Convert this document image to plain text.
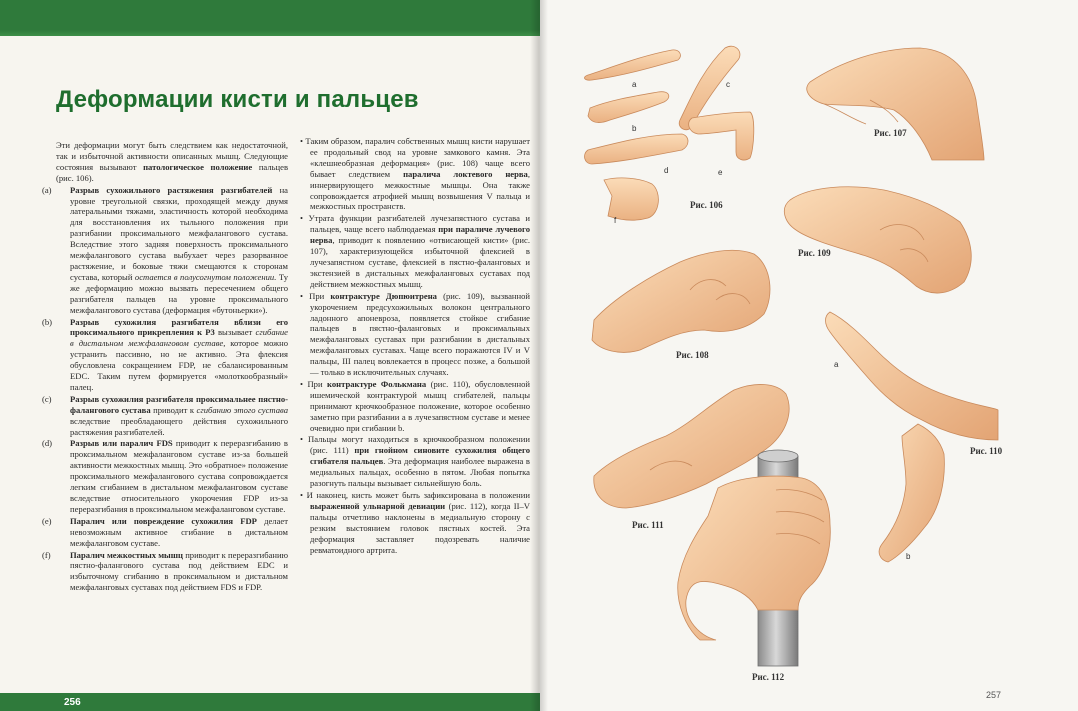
Деформации кисти и пальцев

Эти деформации могут быть следствием как недостаточной, так и избыточной активности описанных мышц. Следующие состояния вызывают патологическое положение пальцев (рис. 106).

(a) Разрыв сухожильного растяжения разгибателей на уровне треугольной связки, проходящей между двумя латеральными тяжами, эластичность которой необходима для восстановления их тыльного положения при разгибании проксимального межфалангового сустава. Вследствие этого задняя поверхность проксимального межфалангового сустава выбухает через разорванное растяжение, и боковые тяжи смещаются к сторонам сустава, который остается в полусогнутом положении. Ту же деформацию можно вызвать пересечением общего разгибателя пальцев на уровне проксимального межфалангового сустава (деформация «бутоньерки»).

(b) Разрыв сухожилия разгибателя вблизи его проксимального прикрепления к P3 вызывает сгибание в дистальном межфаланговом суставе, которое можно устранить пассивно, но не активно. Эта флексия обусловлена сокращением FDP, не сбалансированным EDC. Таким путем формируется «молоткообразный» палец.

(c) Разрыв сухожилия разгибателя проксимальнее пястно-фалангового сустава приводит к сгибанию этого сустава вследствие преобладающего действия сухожильного растяжения разгибателей.

(d) Разрыв или паралич FDS приводит к переразгибанию в проксимальном межфаланговом суставе из-за большей активности межкостных мышц. Это «обратное» положение проксимального межфалангового сустава сопровождается легким сгибанием в дистальном межфаланговом суставе вследствие относительного укорочения FDP из-за переразгибания в проксимальном межфаланговом суставе.

(e) Паралич или повреждение сухожилия FDP делает невозможным активное сгибание в дистальном межфаланговом суставе.

(f) Паралич межкостных мышц приводит к переразгибанию пястно-фалангового сустава под действием EDC и избыточному сгибанию в проксимальном и дистальном межфаланговых суставах под действием FDS и FDP.

• Таким образом, паралич собственных мышц кисти нарушает ее продольный свод на уровне замкового камня. Эта «клешнеобразная деформация» (рис. 108) чаще всего бывает следствием паралича локтевого нерва, иннервирующего межкостные мышцы. Она также сопровождается атрофией мышц возвышения V пальца и межкостных пространств.

• Утрата функции разгибателей лучезапястного сустава и пальцев, чаще всего наблюдаемая при параличе лучевого нерва, приводит к появлению «отвисающей кисти» (рис. 107), характеризующейся избыточной флексией в лучезапястном суставе, флексией в пястно-фаланговых и экстензией в дистальных межфаланговых суставах под действием межкостных мышц.

• При контрактуре Дюпюитрена (рис. 109), вызванной укорочением предсухожильных волокон центрального ладонного апоневроза, появляется стойкое сгибание пальцев в пястно-фаланговых и проксимальных межфаланговых суставах при разгибании в дистальных межфаланговых суставах. Чаще всего поражаются IV и V пальцы, III палец вовлекается в процесс позже, а большой — только в исключительных случаях.

• При контрактуре Фолькмана (рис. 110), обусловленной ишемической контрактурой мышц сгибателей, пальцы принимают крючкообразное положение, которое особенно заметно при разгибании a в лучезапястном суставе и менее очевидно при сгибании b.

• Пальцы могут находиться в крючкообразном положении (рис. 111) при гнойном синовите сухожилия общего сгибателя пальцев. Эта деформация наиболее выражена в медиальных пальцах, особенно в пятом. Любая попытка разогнуть пальцы вызывает сильнейшую боль.

• И наконец, кисть может быть зафиксирована в положении выраженной ульнарной девиации (рис. 112), когда II–V пальцы отчетливо наклонены в медиальную сторону с резким выстоянием головок пястных костей. Эта деформация заставляет подозревать наличие ревматоидного артрита.

256
a
b
c
d	e
f
Рис. 106
Рис. 107
Рис. 109
Рис. 108
Рис. 110
Рис. 111
Рис. 112
a
b
257
